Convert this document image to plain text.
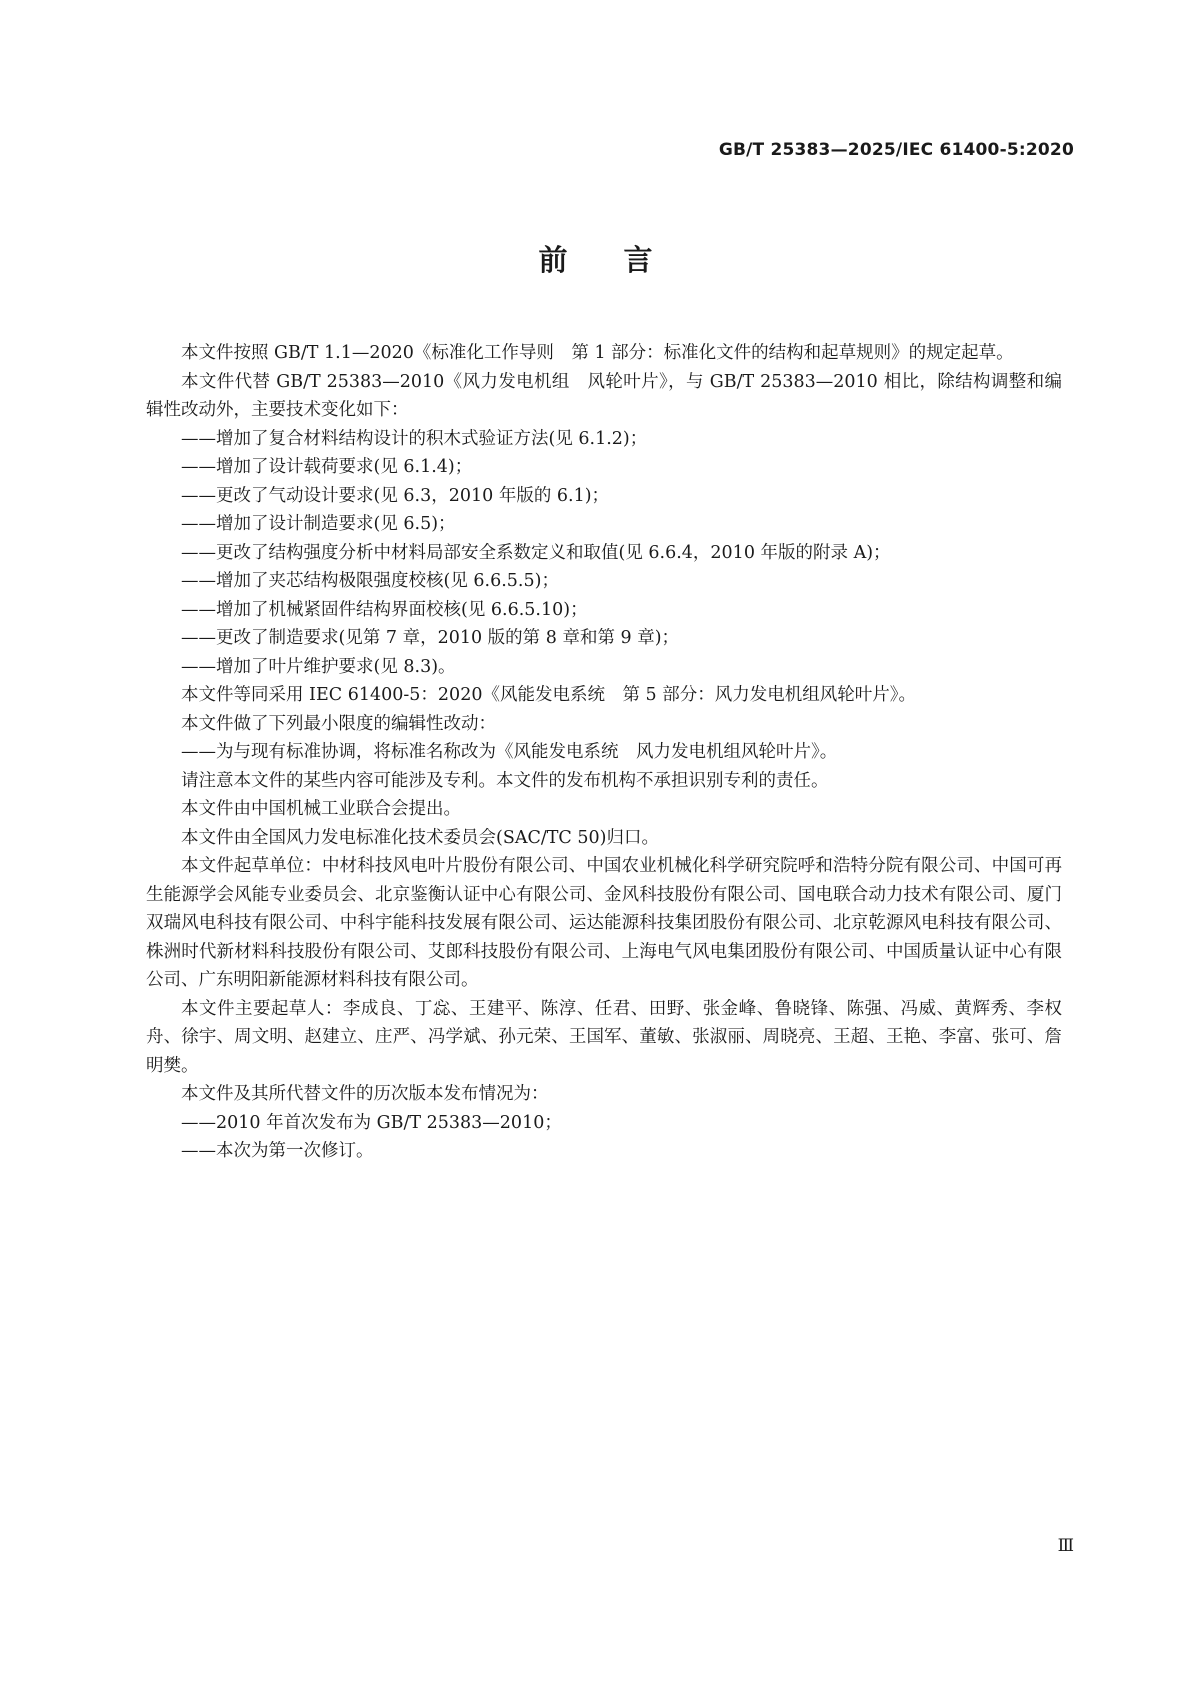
GB/T 25383—2025/IEC 61400-5:2020
前言

本文件按照 GB/T 1.1—2020《标准化工作导则　第 1 部分：标准化文件的结构和起草规则》的规定起草。

本文件代替 GB/T 25383—2010《风力发电机组　风轮叶片》，与 GB/T 25383—2010 相比，除结构调整和编辑性改动外，主要技术变化如下：

——增加了复合材料结构设计的积木式验证方法(见 6.1.2)；

——增加了设计载荷要求(见 6.1.4)；

——更改了气动设计要求(见 6.3，2010 年版的 6.1)；

——增加了设计制造要求(见 6.5)；

——更改了结构强度分析中材料局部安全系数定义和取值(见 6.6.4，2010 年版的附录 A)；

——增加了夹芯结构极限强度校核(见 6.6.5.5)；

——增加了机械紧固件结构界面校核(见 6.6.5.10)；

——更改了制造要求(见第 7 章，2010 版的第 8 章和第 9 章)；

——增加了叶片维护要求(见 8.3)。

本文件等同采用 IEC 61400-5：2020《风能发电系统　第 5 部分：风力发电机组风轮叶片》。

本文件做了下列最小限度的编辑性改动：

——为与现有标准协调，将标准名称改为《风能发电系统　风力发电机组风轮叶片》。

请注意本文件的某些内容可能涉及专利。本文件的发布机构不承担识别专利的责任。

本文件由中国机械工业联合会提出。

本文件由全国风力发电标准化技术委员会(SAC/TC 50)归口。

本文件起草单位：中材科技风电叶片股份有限公司、中国农业机械化科学研究院呼和浩特分院有限公司、中国可再生能源学会风能专业委员会、北京鉴衡认证中心有限公司、金风科技股份有限公司、国电联合动力技术有限公司、厦门双瑞风电科技有限公司、中科宇能科技发展有限公司、运达能源科技集团股份有限公司、北京乾源风电科技有限公司、株洲时代新材料科技股份有限公司、艾郎科技股份有限公司、上海电气风电集团股份有限公司、中国质量认证中心有限公司、广东明阳新能源材料科技有限公司。

本文件主要起草人：李成良、丁惢、王建平、陈淳、任君、田野、张金峰、鲁晓锋、陈强、冯威、黄辉秀、李权舟、徐宇、周文明、赵建立、庄严、冯学斌、孙元荣、王国军、董敏、张淑丽、周晓亮、王超、王艳、李富、张可、詹明樊。

本文件及其所代替文件的历次版本发布情况为：

——2010 年首次发布为 GB/T 25383—2010；

——本次为第一次修订。

Ⅲ
